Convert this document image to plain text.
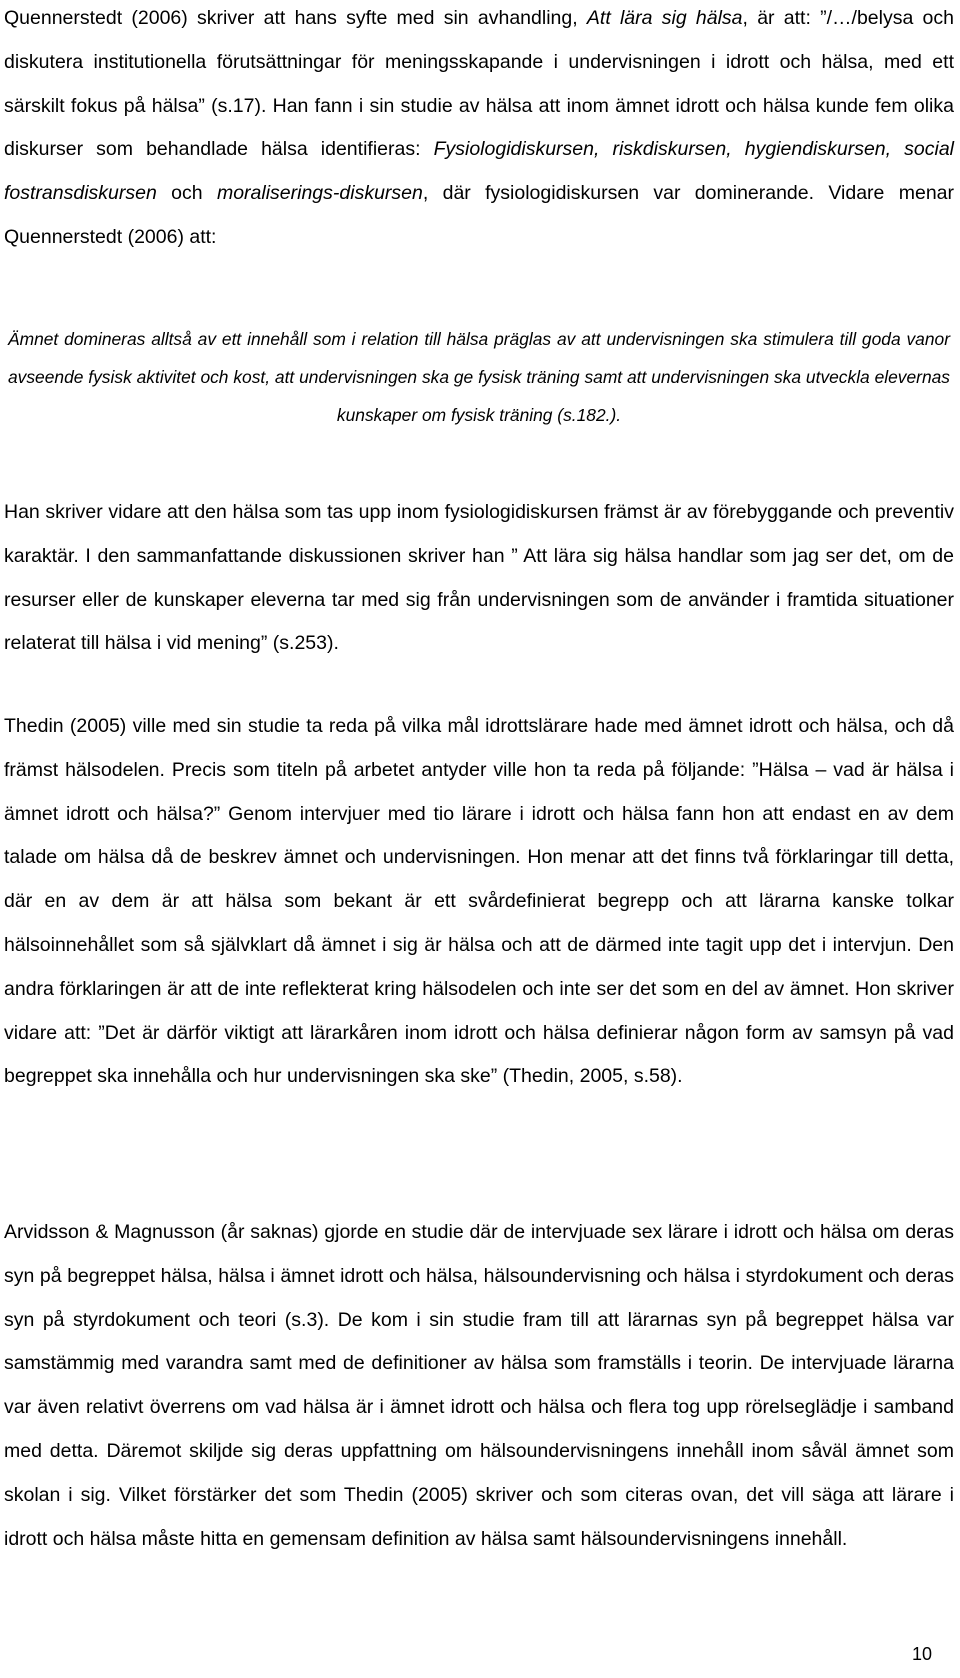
Quennerstedt (2006) skriver att hans syfte med sin avhandling, Att lära sig hälsa, är att: ”/…/belysa och diskutera institutionella förutsättningar för meningsskapande i undervisningen i idrott och hälsa, med ett särskilt fokus på hälsa” (s.17). Han fann i sin studie av hälsa att inom ämnet idrott och hälsa kunde fem olika diskurser som behandlade hälsa identifieras: Fysiologidiskursen, riskdiskursen, hygiendiskursen, social fostransdiskursen och moraliserings-diskursen, där fysiologidiskursen var dominerande. Vidare menar Quennerstedt (2006) att:

Ämnet domineras alltså av ett innehåll som i relation till hälsa präglas av att undervisningen ska stimulera till goda vanor avseende fysisk aktivitet och kost, att undervisningen ska ge fysisk träning samt att undervisningen ska utveckla elevernas kunskaper om fysisk träning (s.182.).

Han skriver vidare att den hälsa som tas upp inom fysiologidiskursen främst är av förebyggande och preventiv karaktär. I den sammanfattande diskussionen skriver han ” Att lära sig hälsa handlar som jag ser det, om de resurser eller de kunskaper eleverna tar med sig från undervisningen som de använder i framtida situationer relaterat till hälsa i vid mening” (s.253).

Thedin (2005) ville med sin studie ta reda på vilka mål idrottslärare hade med ämnet idrott och hälsa, och då främst hälsodelen. Precis som titeln på arbetet antyder ville hon ta reda på följande: ”Hälsa – vad är hälsa i ämnet idrott och hälsa?” Genom intervjuer med tio lärare i idrott och hälsa fann hon att endast en av dem talade om hälsa då de beskrev ämnet och undervisningen. Hon menar att det finns två förklaringar till detta, där en av dem är att hälsa som bekant är ett svårdefinierat begrepp och att lärarna kanske tolkar hälsoinnehållet som så självklart då ämnet i sig är hälsa och att de därmed inte tagit upp det i intervjun. Den andra förklaringen är att de inte reflekterat kring hälsodelen och inte ser det som en del av ämnet. Hon skriver vidare att: ”Det är därför viktigt att lärarkåren inom idrott och hälsa definierar någon form av samsyn på vad begreppet ska innehålla och hur undervisningen ska ske” (Thedin, 2005, s.58).

Arvidsson & Magnusson (år saknas) gjorde en studie där de intervjuade sex lärare i idrott och hälsa om deras syn på begreppet hälsa, hälsa i ämnet idrott och hälsa, hälsoundervisning och hälsa i styrdokument och deras syn på styrdokument och teori (s.3). De kom i sin studie fram till att lärarnas syn på begreppet hälsa var samstämmig med varandra samt med de definitioner av hälsa som framställs i teorin. De intervjuade lärarna var även relativt överrens om vad hälsa är i ämnet idrott och hälsa och flera tog upp rörelseglädje i samband med detta. Däremot skiljde sig deras uppfattning om hälsoundervisningens innehåll inom såväl ämnet som skolan i sig. Vilket förstärker det som Thedin (2005) skriver och som citeras ovan, det vill säga att lärare i idrott och hälsa måste hitta en gemensam definition av hälsa samt hälsoundervisningens innehåll.

10
